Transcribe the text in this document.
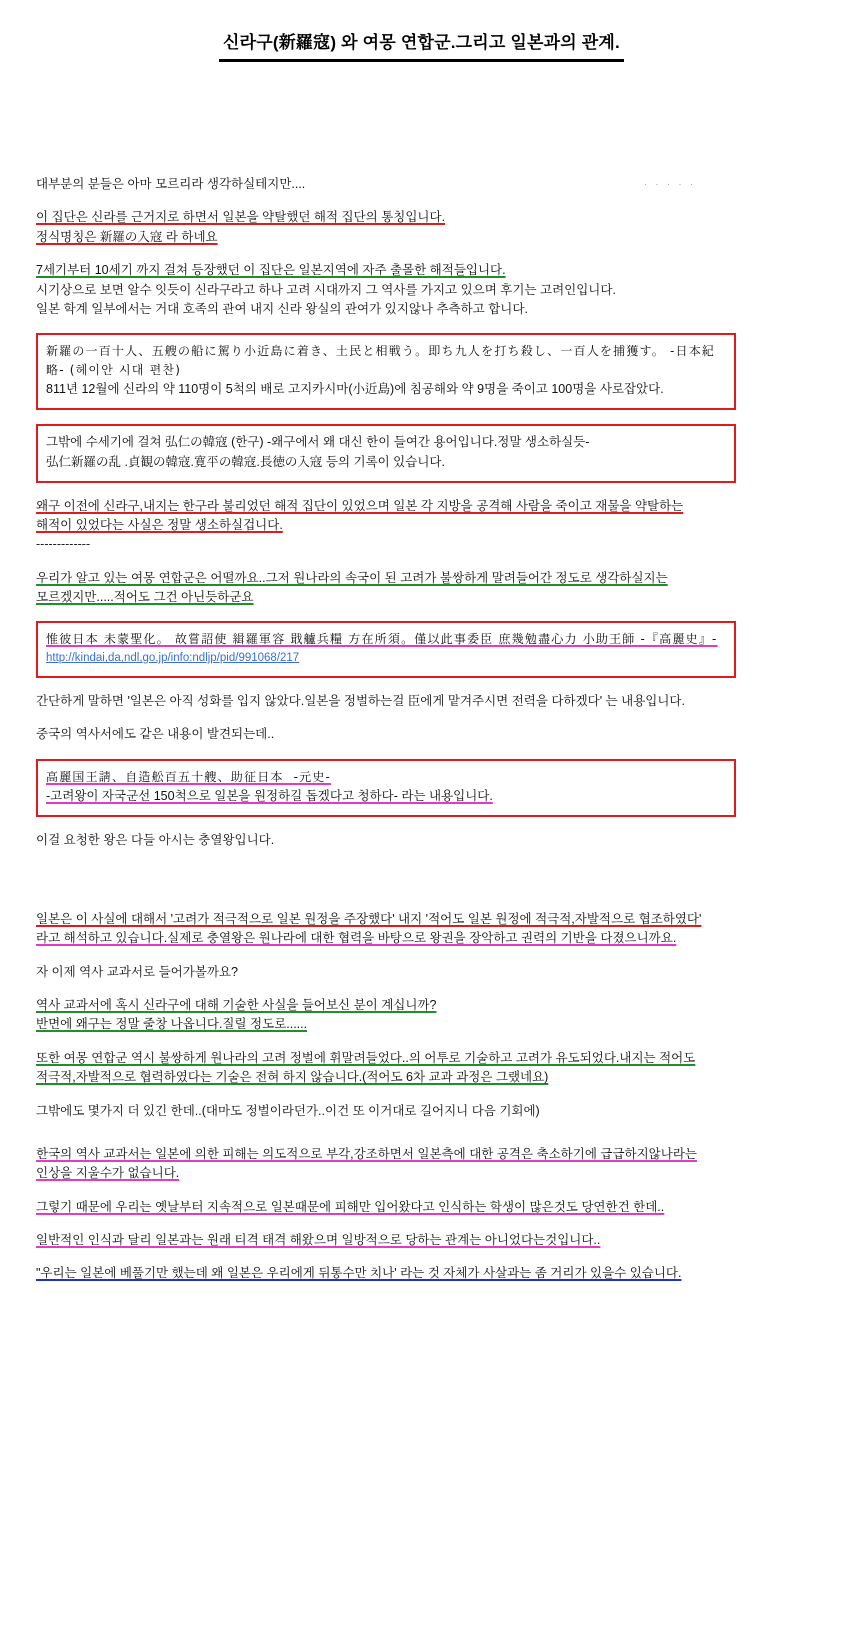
신라구(新羅寇) 와 여몽 연합군.그리고 일본과의 관계.
. . . . .
대부분의 분들은 아마 모르리라 생각하실테지만....
이 집단은 신라를 근거지로 하면서 일본을 약탈했던 해적 집단의 통칭입니다.
정식명칭은 新羅の入寇 라 하네요
7세기부터 10세기 까지 걸쳐 등장했던 이 집단은 일본지역에 자주 출몰한 해적들입니다.
시기상으로 보면 알수 잇듯이 신라구라고 하나 고려 시대까지 그 역사를 가지고 있으며 후기는 고려인입니다.
일본 학계 일부에서는 거대 호족의 관여 내지 신라 왕실의 관여가 있지않나 추측하고 합니다.
新羅の一百十人、五艘の船に駕り小近島に着き、土民と相戦う。即ち九人を打ち殺し、一百人を捕獲す。 -日本紀略- (헤이안 시대 편찬)
811년 12월에 신라의 약 110명이 5척의 배로 고지카시마(小近島)에 침공해와 약 9명을 죽이고 100명을 사로잡았다.
그밖에 수세기에 걸쳐 弘仁の韓寇 (한구) -왜구에서 왜 대신 한이 들여간 용어입니다.정말 생소하실듯-
弘仁新羅の乱 .貞観の韓寇.寛平の韓寇.長徳の入寇 등의 기록이 있습니다.
왜구 이전에 신라구,내지는 한구라 불리었던 해적 집단이 있었으며 일본 각 지방을 공격해 사람을 죽이고 재물을 약탈하는
해적이 있었다는 사실은 정말 생소하실겁니다.
-------------
우리가 알고 있는 여몽 연합군은 어떨까요..그저 원나라의 속국이 된 고려가 불쌍하게 말려들어간 정도로 생각하실지는
모르겠지만.....적어도 그건 아닌듯하군요
惟彼日本 未蒙聖化。 故嘗詔使 緝羅軍容 戢艫兵糧 方在所須。僅以此事委臣 庶幾勉盡心力 小助王師 -『高麗史』-
http://kindai,da,ndl,go,jp/info:ndljp/pid/991068/217
간단하게 말하면 '일본은 아직 성화를 입지 않았다.일본을 정벌하는걸 臣에게 맡겨주시면 전력을 다하겠다' 는 내용입니다.
중국의 역사서에도 같은 내용이 발견되는데..
高麗国王請、自造舩百五十艘、助征日本  -元史-
-고려왕이 자국군선 150척으로 일본을 원정하길 돕겠다고 청하다- 라는 내용입니다.
이걸 요청한 왕은 다들 아시는 충열왕입니다.
일본은 이 사실에 대해서 '고려가 적극적으로 일본 원정을 주장했다' 내지 '적어도 일본 원정에 적극적,자발적으로 협조하였다'
라고 해석하고 있습니다.실제로 충열왕은 원나라에 대한 협력을 바탕으로 왕권을 장악하고 권력의 기반을 다졌으니까요.
자 이제 역사 교과서로 들어가볼까요?
역사 교과서에 혹시 신라구에 대해 기술한 사실을 들어보신 분이 계십니까?
반면에 왜구는 정말 줄창 나옵니다.질릴 정도로......
또한 여몽 연합군 역시 불쌍하게 원나라의 고려 정벌에 휘말려들었다..의 어투로 기술하고 고려가 유도되었다.내지는 적어도
적극적,자발적으로 협력하였다는 기술은 전혀 하지 않습니다.(적어도 6차 교과 과정은 그랬네요)
그밖에도 몇가지 더 있긴 한데..(대마도 정벌이라던가..이건 또 이거대로 길어지니 다음 기회에)
한국의 역사 교과서는 일본에 의한 피해는 의도적으로 부각,강조하면서 일본측에 대한 공격은 축소하기에 급급하지않나라는
인상을 지울수가 없습니다.
그렇기 때문에 우리는 옛날부터 지속적으로 일본때문에 피해만 입어왔다고 인식하는 학생이 많은것도 당연한건 한데..
일반적인 인식과 달리 일본과는 원래 티격 태격 해왔으며 일방적으로 당하는 관계는 아니었다는것입니다..
"우리는 일본에 베풀기만 했는데 왜 일본은 우리에게 뒤통수만 치나' 라는 것 자체가 사살과는 좀 거리가 있을수 있습니다.
